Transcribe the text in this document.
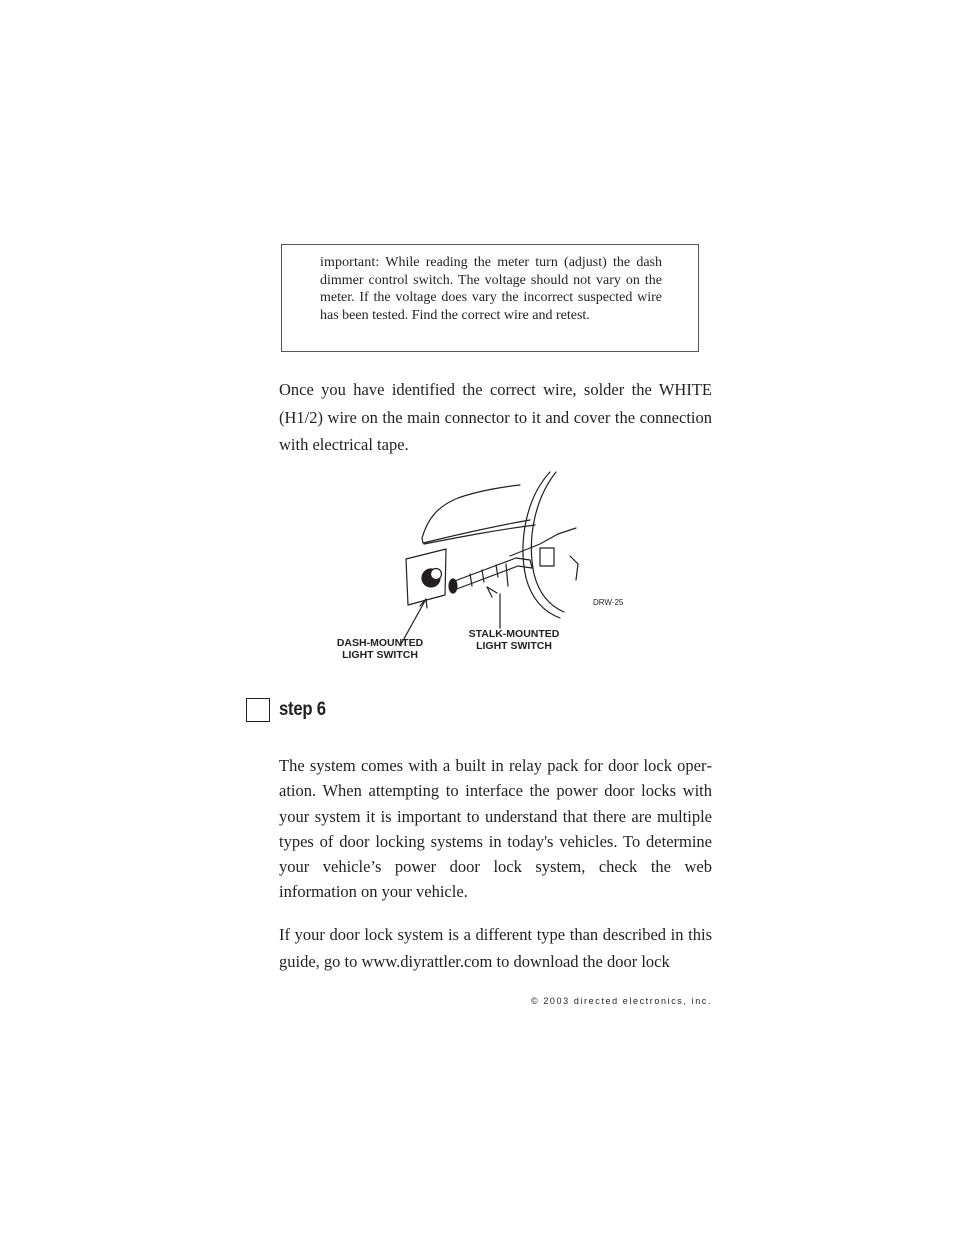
important: While reading the meter turn (adjust) the dash dimmer control switch. The voltage should not vary on the meter. If the voltage does vary the incorrect suspected wire has been tested. Find the correct wire and retest.

Once you have identified the correct wire, solder the WHITE (H1/2) wire on the main connector to it and cover the connection with electrical tape.

DRW-25
DASH-MOUNTED
LIGHT SWITCH
STALK-MOUNTED
LIGHT SWITCH
step 6

The system comes with a built in relay pack for door lock operation. When attempting to interface the power door locks with your system it is important to understand that there are multiple types of door locking systems in today's vehicles. To determine your vehicle’s power door lock system, check the web information on your vehicle.

If your door lock system is a different type than described in this guide, go to www.diyrattler.com to download the door lock

© 2003 directed electronics, inc.
